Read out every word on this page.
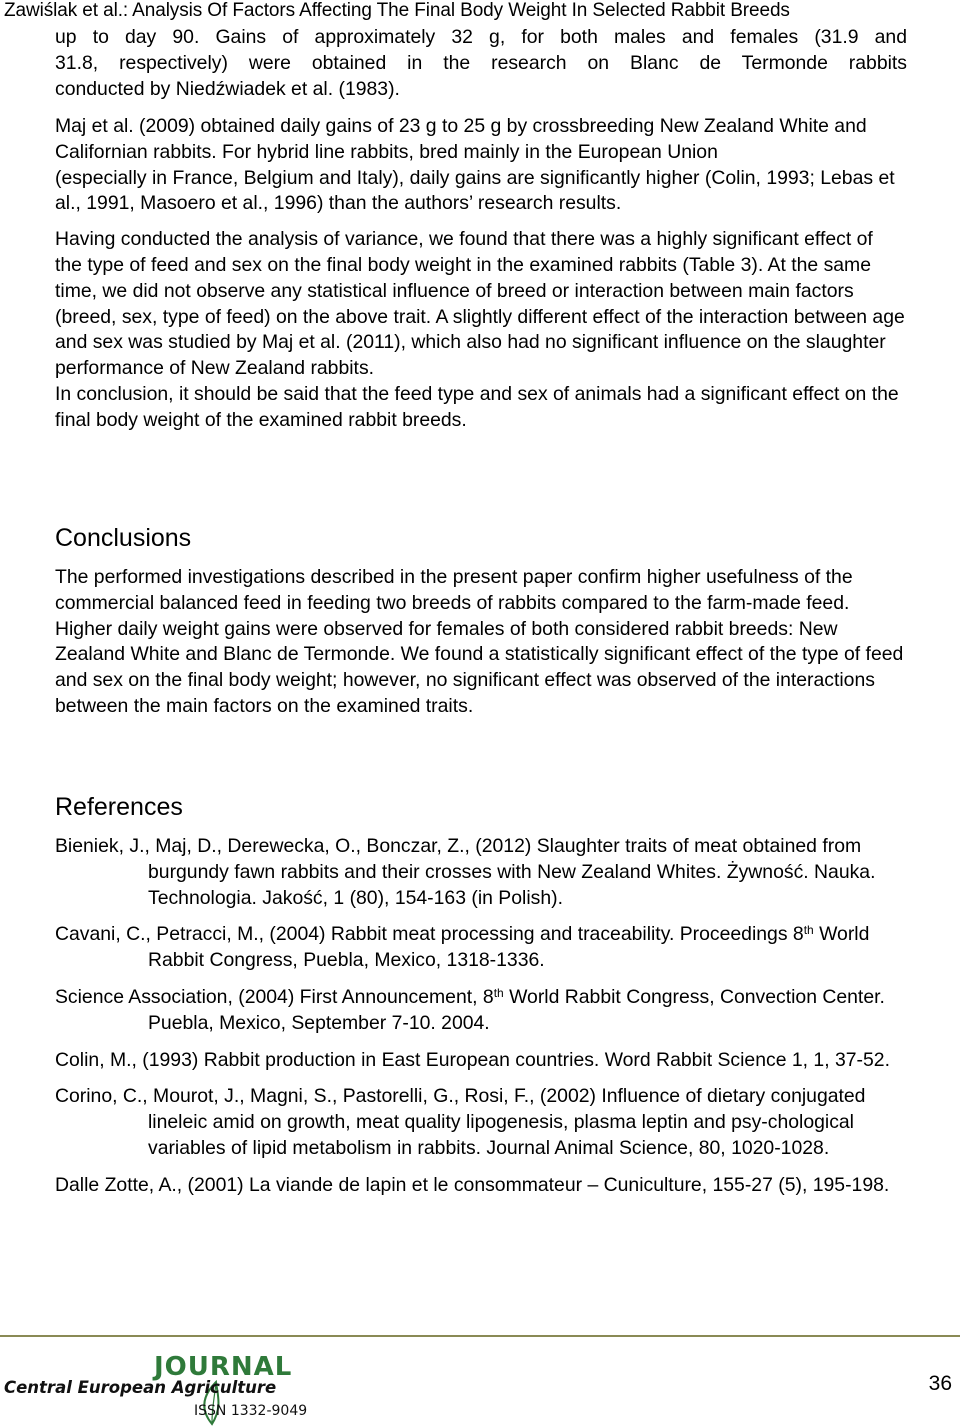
Zawiślak et al.: Analysis Of Factors Affecting The Final Body Weight In Selected Rabbit Breeds

up to day 90. Gains of approximately 32 g, for both males and females (31.9 and

31.8, respectively) were obtained in the research on Blanc de Termonde rabbits

conducted by Niedźwiadek et al. (1983).

Maj et al. (2009) obtained daily gains of 23 g to 25 g by crossbreeding New Zealand White and Californian rabbits. For hybrid line rabbits, bred mainly in the European Union

(especially in France, Belgium and Italy), daily gains are significantly higher (Colin, 1993; Lebas et al., 1991, Masoero et al., 1996) than the authors’ research results.

Having conducted the analysis of variance, we found that there was a highly significant effect of the type of feed and sex on the final body weight in the examined rabbits (Table 3). At the same time, we did not observe any statistical influence of breed or interaction between main factors (breed, sex, type of feed) on the above trait. A slightly different effect of the interaction between age and sex was studied by Maj et al. (2011), which also had no significant influence on the slaughter performance of New Zealand rabbits.

In conclusion, it should be said that the feed type and sex of animals had a significant effect on the final body weight of the examined rabbit breeds.

Conclusions

The performed investigations described in the present paper confirm higher usefulness of the commercial balanced feed in feeding two breeds of rabbits compared to the farm-made feed. Higher daily weight gains were observed for females of both considered rabbit breeds: New Zealand White and Blanc de Termonde. We found a statistically significant effect of the type of feed and sex on the final body weight; however, no significant effect was observed of the interactions between the main factors on the examined traits.

References

Bieniek, J., Maj, D., Derewecka, O., Bonczar, Z., (2012) Slaughter traits of meat obtained from burgundy fawn rabbits and their crosses with New Zealand Whites. Żywność. Nauka. Technologia. Jakość, 1 (80), 154-163 (in Polish).

Cavani, C., Petracci, M., (2004) Rabbit meat processing and traceability. Proceedings 8th World Rabbit Congress, Puebla, Mexico, 1318-1336.

Science Association, (2004) First Announcement, 8th World Rabbit Congress, Convection Center. Puebla, Mexico, September 7-10. 2004.

Colin, M., (1993) Rabbit production in East European countries. Word Rabbit Science 1, 1, 37-52.

Corino, C., Mourot, J., Magni, S., Pastorelli, G., Rosi, F., (2002) Influence of dietary conjugated lineleic amid on growth, meat quality lipogenesis, plasma leptin and psy-chological variables of lipid metabolism in rabbits. Journal Animal Science, 80, 1020-1028.

Dalle Zotte, A., (2001) La viande de lapin et le consommateur – Cuniculture, 155-27 (5), 195-198.

JOURNAL
Central European Agriculture
ISSN 1332-9049
36
